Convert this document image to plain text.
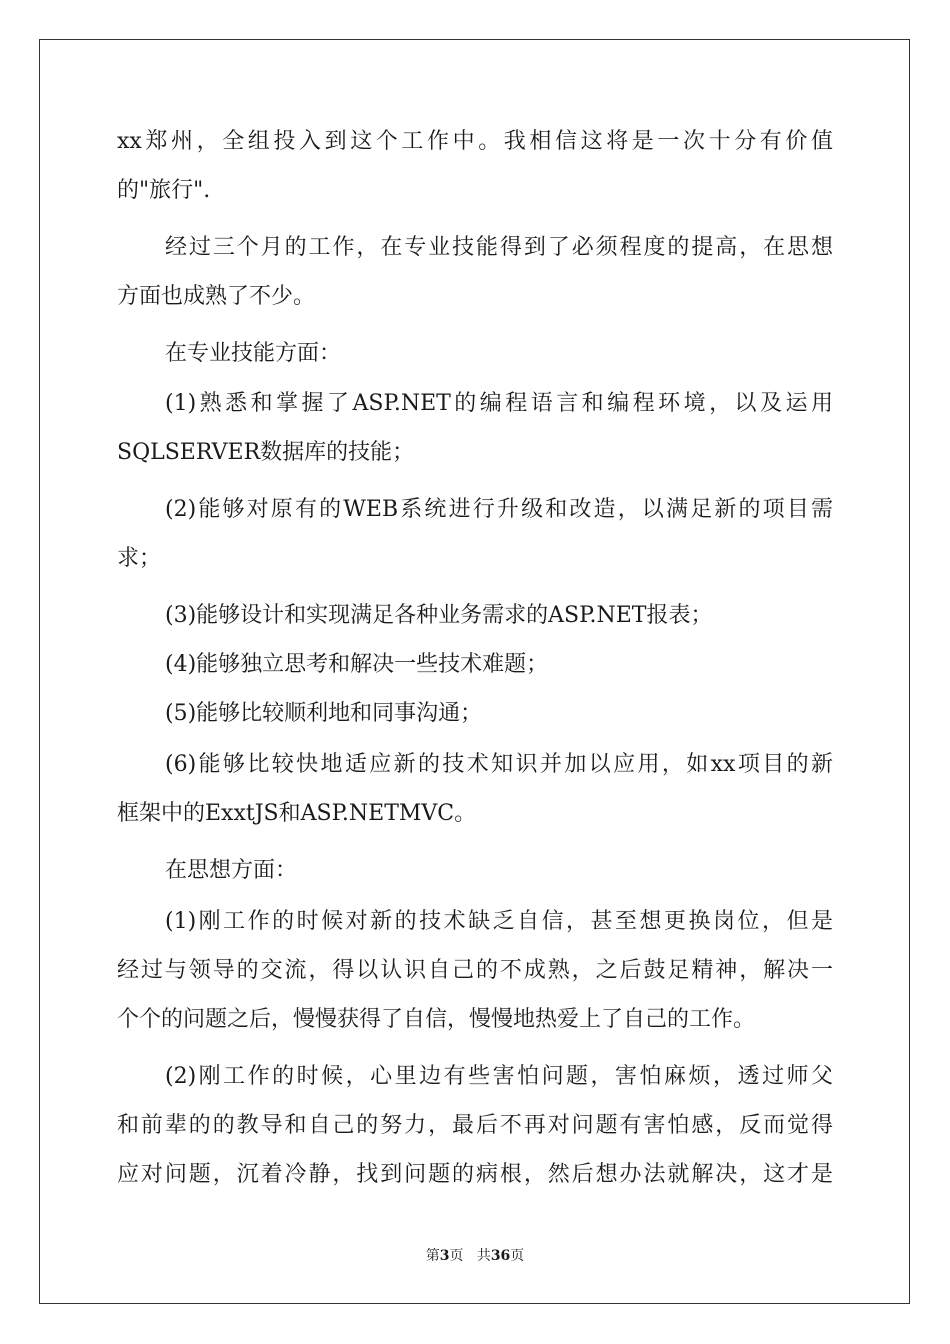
xx郑州，全组投入到这个工作中。我相信这将是一次十分有价值
的"旅行".
经过三个月的工作，在专业技能得到了必须程度的提高，在思想
方面也成熟了不少。
在专业技能方面：
(1)熟悉和掌握了ASP.NET的编程语言和编程环境，以及运用
SQLSERVER数据库的技能；
(2)能够对原有的WEB系统进行升级和改造，以满足新的项目需
求；
(3)能够设计和实现满足各种业务需求的ASP.NET报表；
(4)能够独立思考和解决一些技术难题；
(5)能够比较顺利地和同事沟通；
(6)能够比较快地适应新的技术知识并加以应用，如xx项目的新
框架中的ExxtJS和ASP.NETMVC。
在思想方面：
(1)刚工作的时候对新的技术缺乏自信，甚至想更换岗位，但是
经过与领导的交流，得以认识自己的不成熟，之后鼓足精神，解决一
个个的问题之后，慢慢获得了自信，慢慢地热爱上了自己的工作。
(2)刚工作的时候，心里边有些害怕问题，害怕麻烦，透过师父
和前辈的的教导和自己的努力，最后不再对问题有害怕感，反而觉得
应对问题，沉着冷静，找到问题的病根，然后想办法就解决，这才是
第3页 共36页
